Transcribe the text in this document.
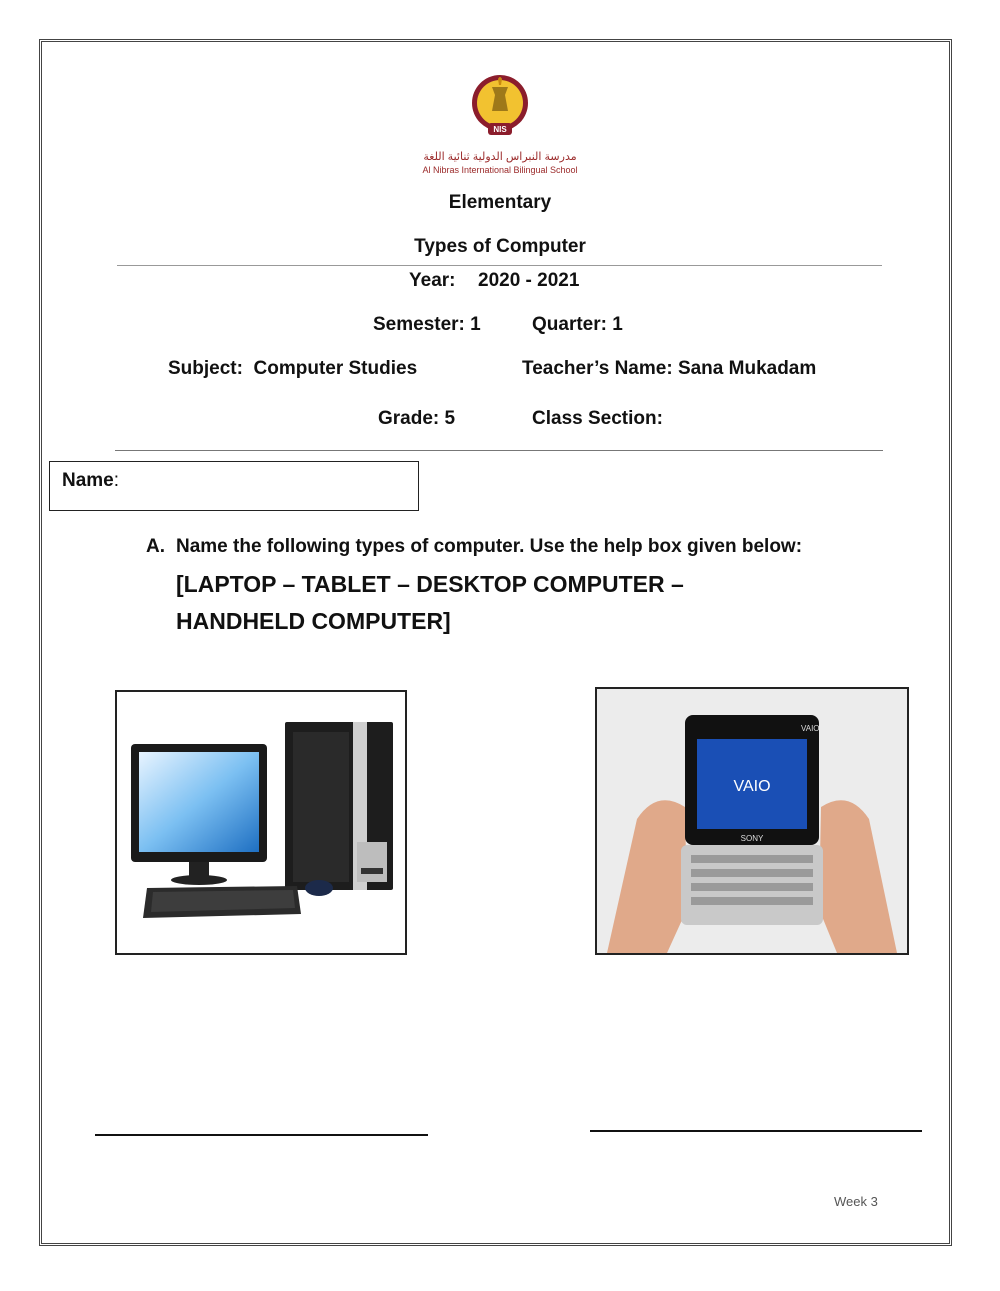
NIS
مدرسة النبراس الدولية ثنائية اللغة
Al Nibras International Bilingual School
Elementary
Types of Computer
Year: 2020 - 2021
Semester: 1	Quarter: 1
Subject:  Computer Studies	Teacher’s Name: Sana Mukadam
Grade: 5	Class Section:
Name:
A. Name the following types of computer. Use the help box given below:
[LAPTOP – TABLET – DESKTOP COMPUTER – HANDHELD COMPUTER]
VAIO
VAIO
SONY
Week 3
